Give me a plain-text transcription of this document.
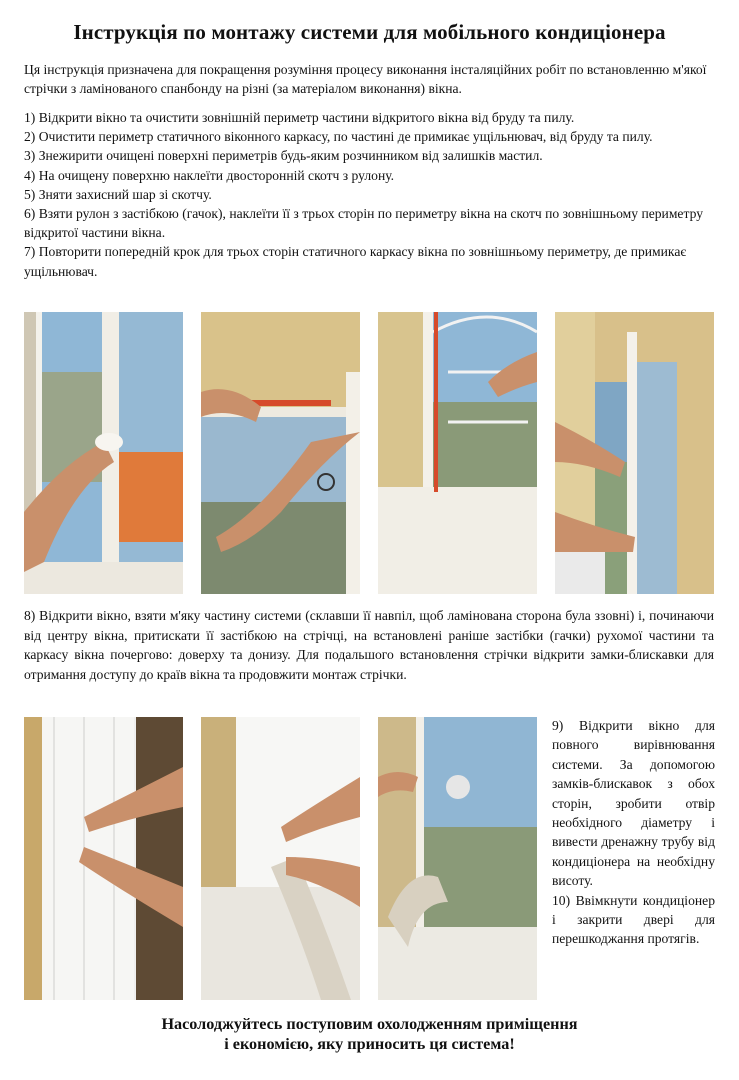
Інструкція по монтажу системи для мобільного кондиціонера
Ця інструкція призначена для покращення розуміння процесу виконання інсталяційних робіт по встановленню м'якої стрічки з ламінованого спанбонду на різні (за матеріалом виконання) вікна.
1) Відкрити вікно та очистити зовнішній периметр частини відкритого вікна від бруду та пилу.
2) Очистити периметр статичного віконного каркасу, по частині де примикає ущільнювач, від бруду та пилу.
3) Знежирити очищені поверхні периметрів будь-яким розчинником від залишків мастил.
4) На очищену поверхню наклеїти двосторонній скотч з рулону.
5) Зняти захисний шар зі скотчу.
6) Взяти рулон з застібкою (гачок), наклеїти її з трьох сторін по периметру вікна на скотч по зовнішньому периметру відкритої частини вікна.
7) Повторити попередній крок для трьох сторін статичного каркасу вікна по зовнішньому периметру, де примикає ущільнювач.
8) Відкрити вікно, взяти м'яку частину системи (склавши її навпіл, щоб ламінована сторона була ззовні) і, починаючи від центру вікна, притискати її застібкою на стрічці, на встановлені раніше застібки (гачки) рухомої частини та каркасу вікна почергово: доверху та донизу. Для подальшого встановлення стрічки відкрити замки-блискавки для отримання доступу до країв вікна та продовжити монтаж стрічки.

9) Відкрити вікно для повного вирівнювання системи. За допомогою замків-блискавок з обох сторін, зробити отвір необхідного діаметру і вивести дренажну трубу від кондиціонера на необхідну висоту.

10) Ввімкнути кондиціонер і закрити двері для перешкоджання протягів.

Насолоджуйтесь поступовим охолодженням приміщення
і економією, яку приносить ця система!
